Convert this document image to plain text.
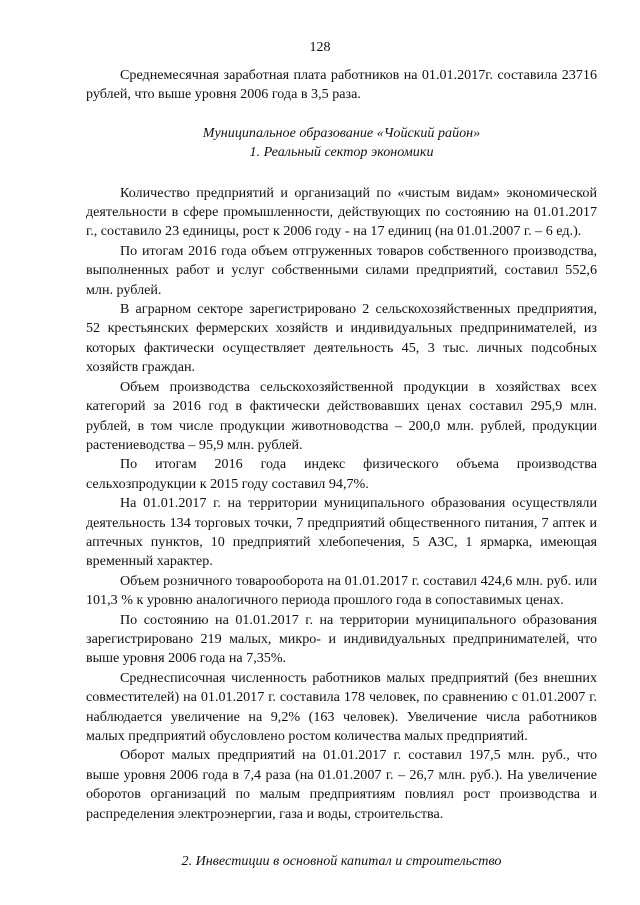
128

Среднемесячная заработная плата работников на 01.01.2017г. составила 23716 рублей, что выше уровня 2006 года в 3,5 раза.

Муниципальное образование «Чойский район»
1. Реальный сектор экономики

Количество предприятий и организаций по «чистым видам» экономической деятельности в сфере промышленности, действующих по состоянию на 01.01.2017 г., составило 23 единицы, рост к 2006 году - на 17 единиц (на 01.01.2007 г. – 6 ед.).

По итогам 2016 года объем отгруженных товаров собственного производства, выполненных работ и услуг собственными силами предприятий, составил 552,6 млн. рублей.

В аграрном секторе зарегистрировано 2 сельскохозяйственных предприятия, 52 крестьянских фермерских хозяйств и индивидуальных предпринимателей, из которых фактически осуществляет деятельность 45, 3 тыс. личных подсобных хозяйств граждан.

Объем производства сельскохозяйственной продукции в хозяйствах всех категорий за 2016 год в фактически действовавших ценах составил 295,9 млн. рублей, в том числе продукции животноводства – 200,0 млн. рублей, продукции растениеводства – 95,9 млн. рублей.

По итогам 2016 года индекс физического объема производства сельхозпродукции к 2015 году составил 94,7%.

На 01.01.2017 г. на территории муниципального образования осуществляли деятельность 134 торговых точки, 7 предприятий общественного питания, 7 аптек и аптечных пунктов, 10 предприятий хлебопечения, 5 АЗС, 1 ярмарка, имеющая временный характер.

Объем розничного товарооборота на 01.01.2017 г. составил 424,6 млн. руб. или 101,3 % к уровню аналогичного периода прошлого года в сопоставимых ценах.

По состоянию на 01.01.2017 г. на территории муниципального образования зарегистрировано 219 малых, микро- и индивидуальных предпринимателей, что выше уровня 2006 года на 7,35%.

Среднесписочная численность работников малых предприятий (без внешних совместителей) на 01.01.2017 г. составила 178 человек, по сравнению с 01.01.2007 г. наблюдается увеличение на 9,2% (163 человек). Увеличение числа работников малых предприятий обусловлено ростом количества малых предприятий.

Оборот малых предприятий на 01.01.2017 г. составил 197,5 млн. руб., что выше уровня 2006 года в 7,4 раза (на 01.01.2007 г. – 26,7 млн. руб.). На увеличение оборотов организаций по малым предприятиям повлиял рост производства и распределения электроэнергии, газа и воды, строительства.

2. Инвестиции в основной капитал и строительство
